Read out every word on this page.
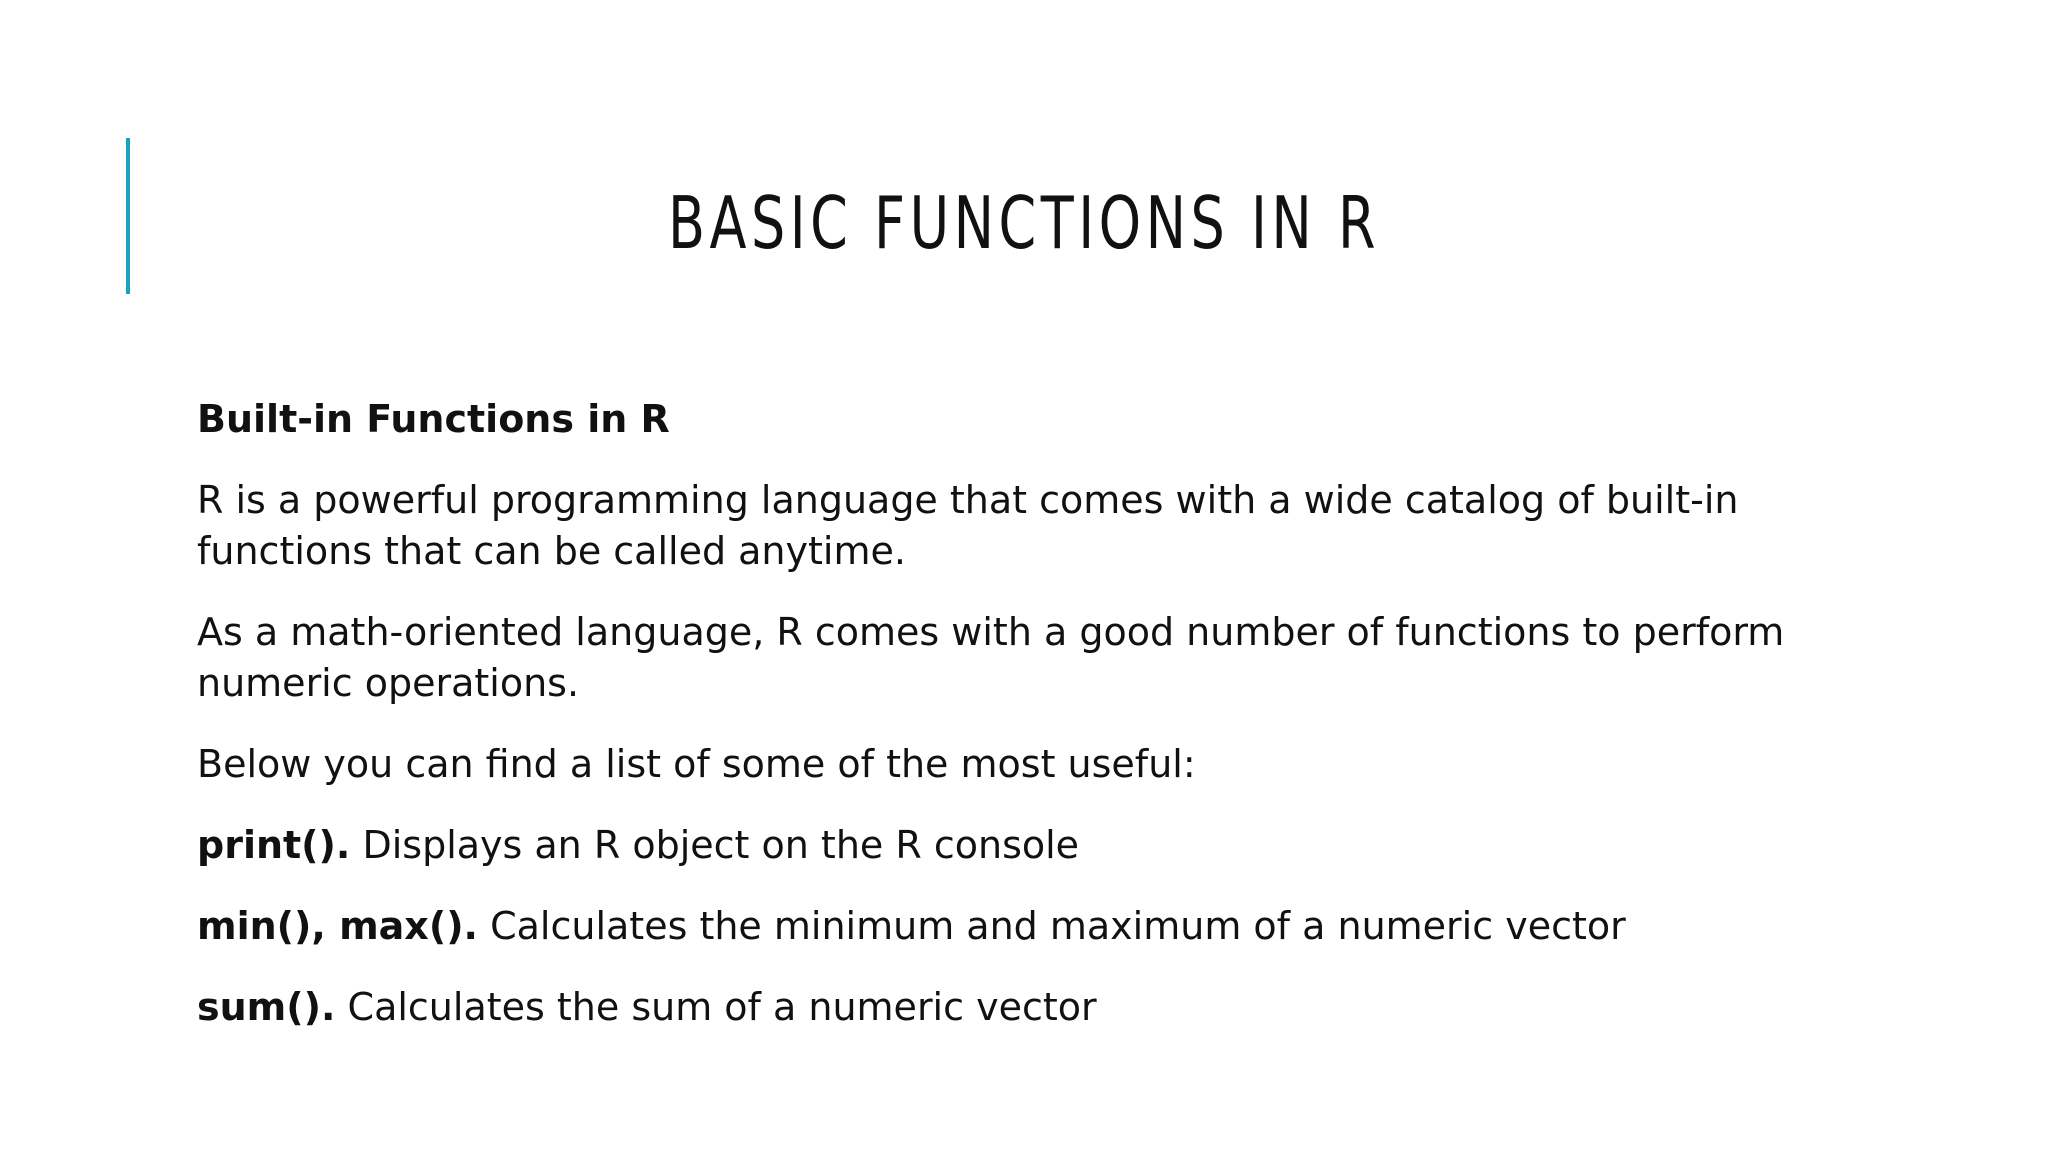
BASIC FUNCTIONS IN R

Built-in Functions in R

R is a powerful programming language that comes with a wide catalog of built-in functions that can be called anytime.

As a math-oriented language, R comes with a good number of functions to perform numeric operations.

Below you can find a list of some of the most useful:

print(). Displays an R object on the R console

min(), max(). Calculates the minimum and maximum of a numeric vector

sum(). Calculates the sum of a numeric vector
